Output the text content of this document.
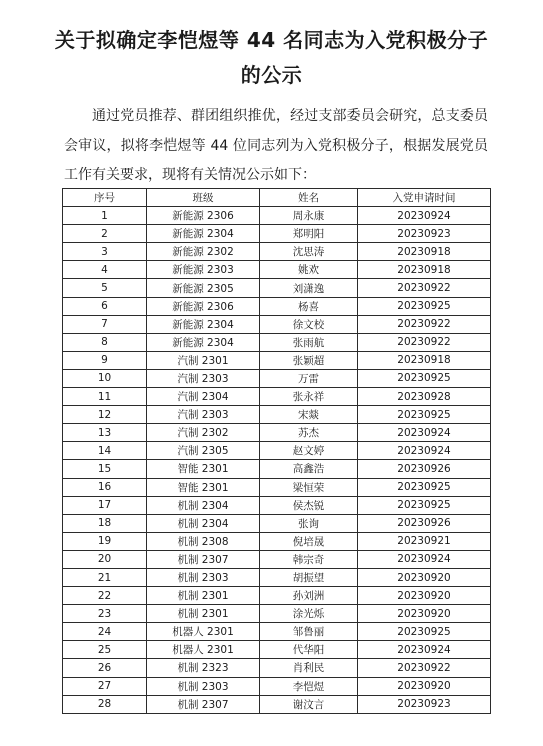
关于拟确定李恺煜等 44 名同志为入党积极分子
的公示
通过党员推荐、群团组织推优，经过支部委员会研究，总支委员会审议，拟将李恺煜等 44 位同志列为入党积极分子，根据发展党员工作有关要求，现将有关情况公示如下：
序号	班级	姓名	入党申请时间
1	新能源 2306	周永康	20230924
2	新能源 2304	郑明阳	20230923
3	新能源 2302	沈思涛	20230918
4	新能源 2303	姚欢	20230918
5	新能源 2305	刘潇逸	20230922
6	新能源 2306	杨喜	20230925
7	新能源 2304	徐文校	20230922
8	新能源 2304	张雨航	20230922
9	汽制 2301	张颖超	20230918
10	汽制 2303	万雷	20230925
11	汽制 2304	张永祥	20230928
12	汽制 2303	宋燚	20230925
13	汽制 2302	苏杰	20230924
14	汽制 2305	赵文婷	20230924
15	智能 2301	高鑫浩	20230926
16	智能 2301	梁恒荣	20230925
17	机制 2304	侯杰锐	20230925
18	机制 2304	张询	20230926
19	机制 2308	倪培晟	20230921
20	机制 2307	韩宗奇	20230924
21	机制 2303	胡振望	20230920
22	机制 2301	孙刘洲	20230920
23	机制 2301	涂光烁	20230920
24	机器人 2301	邹鲁丽	20230925
25	机器人 2301	代华阳	20230924
26	机制 2323	肖利民	20230922
27	机制 2303	李恺煜	20230920
28	机制 2307	谢汶言	20230923
